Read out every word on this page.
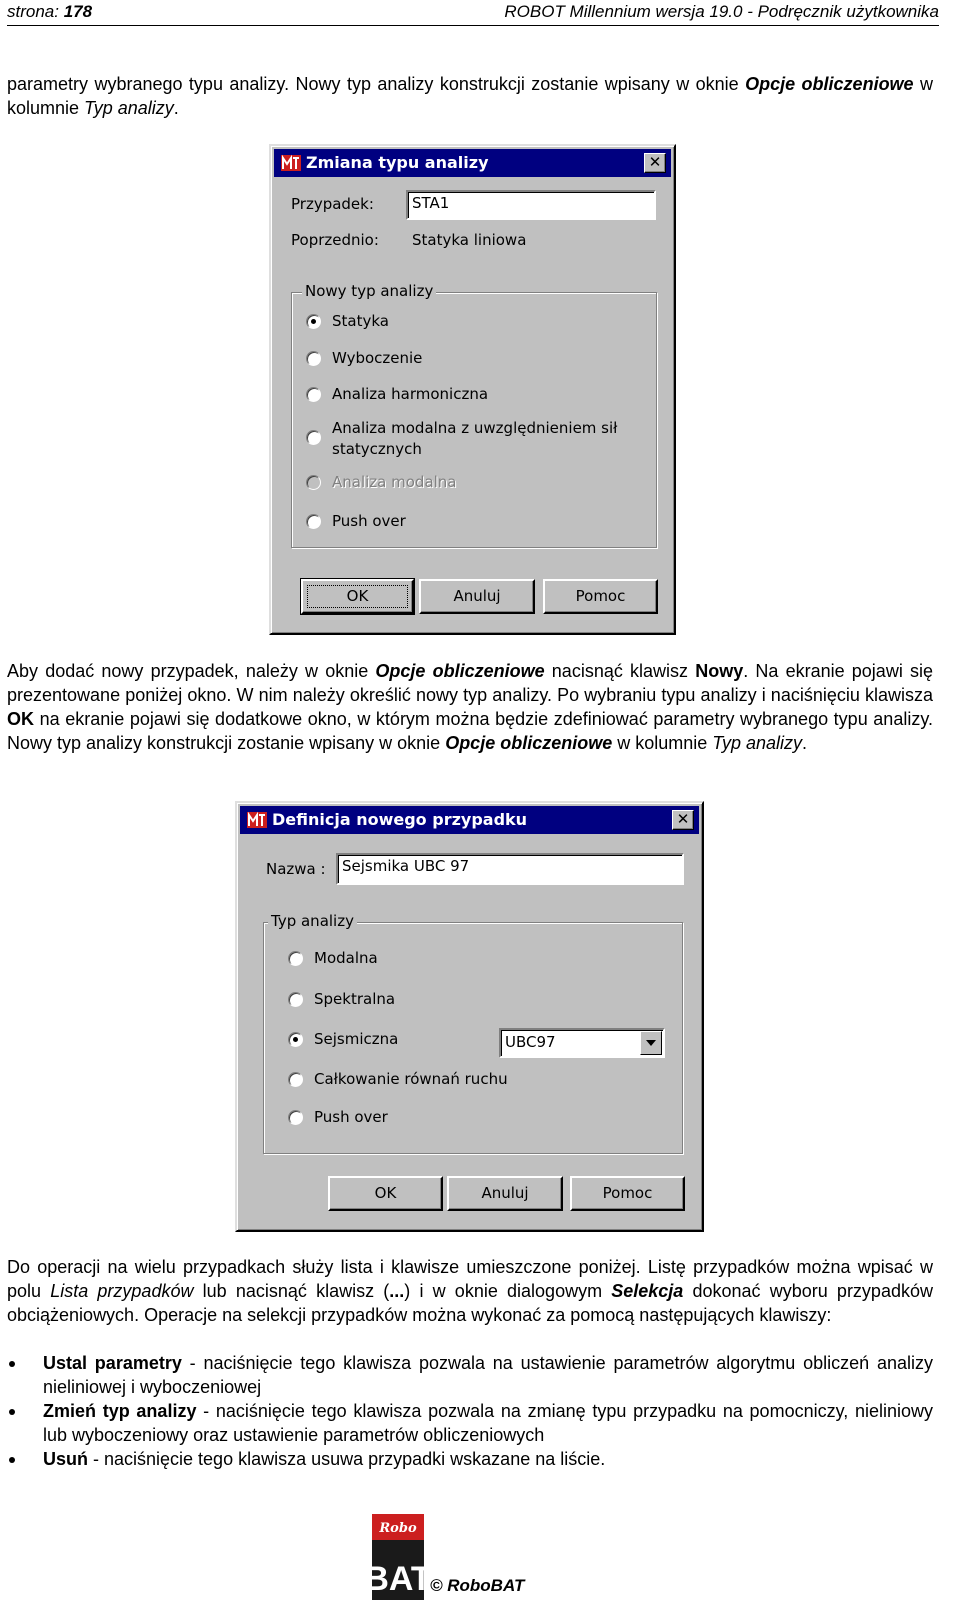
strona: 178	ROBOT Millennium wersja 19.0 - Podręcznik użytkownika
parametry wybranego typu analizy. Nowy typ analizy konstrukcji zostanie wpisany w oknie Opcje obliczeniowe w kolumnie Typ analizy.
Zmiana typu analizy	✕
Przypadek:	STA1
Poprzednio: Statyka liniowa
Nowy typ analizy
Statyka
Wyboczenie
Analiza harmoniczna
Analiza modalna z uwzględnieniem sił
statycznych
Analiza modalna
Push over
OK	Anuluj	Pomoc
Aby dodać nowy przypadek, należy w oknie Opcje obliczeniowe nacisnąć klawisz Nowy. Na ekranie pojawi się prezentowane poniżej okno. W nim należy określić nowy typ analizy. Po wybraniu typu analizy i naciśnięciu klawisza OK na ekranie pojawi się dodatkowe okno, w którym można będzie zdefiniować parametry wybranego typu analizy. Nowy typ analizy konstrukcji zostanie wpisany w oknie Opcje obliczeniowe w kolumnie Typ analizy.
Definicja nowego przypadku	✕
Nazwa :	Sejsmika UBC 97
Typ analizy
Modalna
Spektralna
Sejsmiczna
Całkowanie równań ruchu
Push over
UBC97
OK	Anuluj	Pomoc
Do operacji na wielu przypadkach służy lista i klawisze umieszczone poniżej. Listę przypadków można wpisać w polu Lista przypadków lub nacisnąć klawisz (...) i w oknie dialogowym Selekcja dokonać wyboru przypadków obciążeniowych. Operacje na selekcji przypadków można wykonać za pomocą następujących klawiszy:
Ustal parametry - naciśnięcie tego klawisza pozwala na ustawienie parametrów algorytmu obliczeń analizy nieliniowej i wyboczeniowej
Zmień typ analizy - naciśnięcie tego klawisza pozwala na zmianę typu przypadku na pomocniczy, nieliniowy lub wyboczeniowy oraz ustawienie parametrów obliczeniowych
Usuń - naciśnięcie tego klawisza usuwa przypadki wskazane na liście.
Robo
BAT
© RoboBAT
